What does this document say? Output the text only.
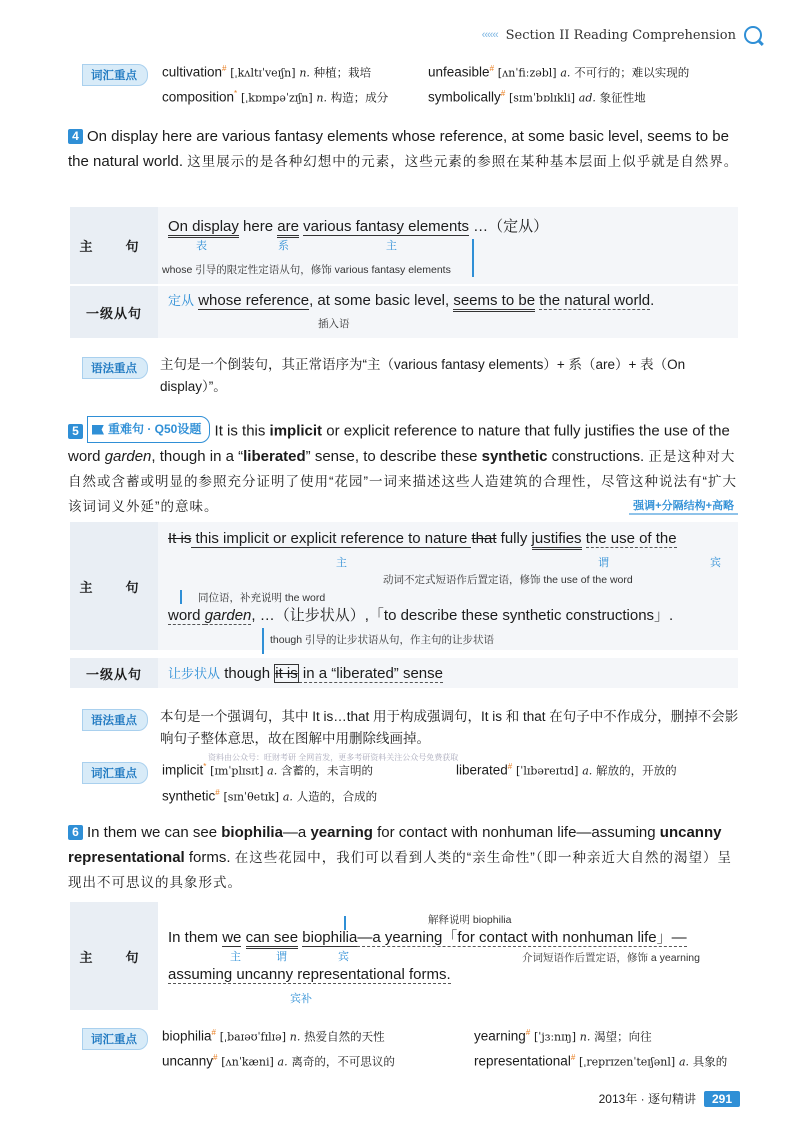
‹‹‹‹‹‹ Section II Reading Comprehension
词汇重点	cultivation# [ˌkʌltɪˈveɪʃn] n. 种植；栽培	unfeasible# [ʌnˈfiːzəbl] a. 不可行的；难以实现的
composition* [ˌkɒmpəˈzɪʃn] n. 构造；成分	symbolically# [sɪmˈbɒlɪkli] ad. 象征性地
4 On display here are various fantasy elements whose reference, at some basic level, seems to be the natural world. 这里展示的是各种幻想中的元素，这些元素的参照在某种基本层面上似乎就是自然界。
主　句
On display here are various fantasy elements …（定从）
表	系	主
whose 引导的限定性定语从句，修饰 various fantasy elements
一级从句
定从 whose reference, at some basic level, seems to be the natural world.
插入语
语法重点	主句是一个倒装句，其正常语序为“主（various fantasy elements）+ 系（are）+ 表（On display）”。
5 重难句 · Q50设题 It is this implicit or explicit reference to nature that fully justifies the use of the word garden, though in a “liberated” sense, to describe these synthetic constructions. 正是这种对大自然或含蓄或明显的参照充分证明了使用“花园”一词来描述这些人造建筑的合理性，尽管这种说法有“扩大该词词义外延”的意味。	强调+分隔结构+高略
主　句
It is this implicit or explicit reference to nature that fully justifies the use of the
主	谓	宾
动词不定式短语作后置定语，修饰 the use of the word
同位语，补充说明 the word
word garden, …（让步状从）,「to describe these synthetic constructions」.
though 引导的让步状语从句，作主句的让步状语
一级从句	让步状从 though it is in a “liberated” sense
语法重点	本句是一个强调句，其中 It is…that 用于构成强调句，It is 和 that 在句子中不作成分，删掉不会影响句子整体意思，故在图解中用删除线画掉。
资料由公众号：旺财考研 全网首发，更多考研资料关注公众号免费获取
词汇重点	implicit* [ɪmˈplɪsɪt] a. 含蓄的，未言明的	liberated# [ˈlɪbəreɪtɪd] a. 解放的，开放的
synthetic# [sɪnˈθetɪk] a. 人造的，合成的
6 In them we can see biophilia—a yearning for contact with nonhuman life—assuming uncanny representational forms. 在这些花园中，我们可以看到人类的“亲生命性”（即一种亲近大自然的渴望）呈现出不可思议的具象形式。
主　句
解释说明 biophilia
In them we can see biophilia—a yearning「for contact with nonhuman life」—
主	谓	宾	介词短语作后置定语，修饰 a yearning
assuming uncanny representational forms.
宾补
词汇重点	biophilia# [ˌbaɪəʊˈfɪlɪə] n. 热爱自然的天性	yearning# [ˈjɜːnɪŋ] n. 渴望；向往
uncanny# [ʌnˈkæni] a. 离奇的，不可思议的	representational# [ˌreprɪzenˈteɪʃənl] a. 具象的
2013年 · 逐句精讲	291
